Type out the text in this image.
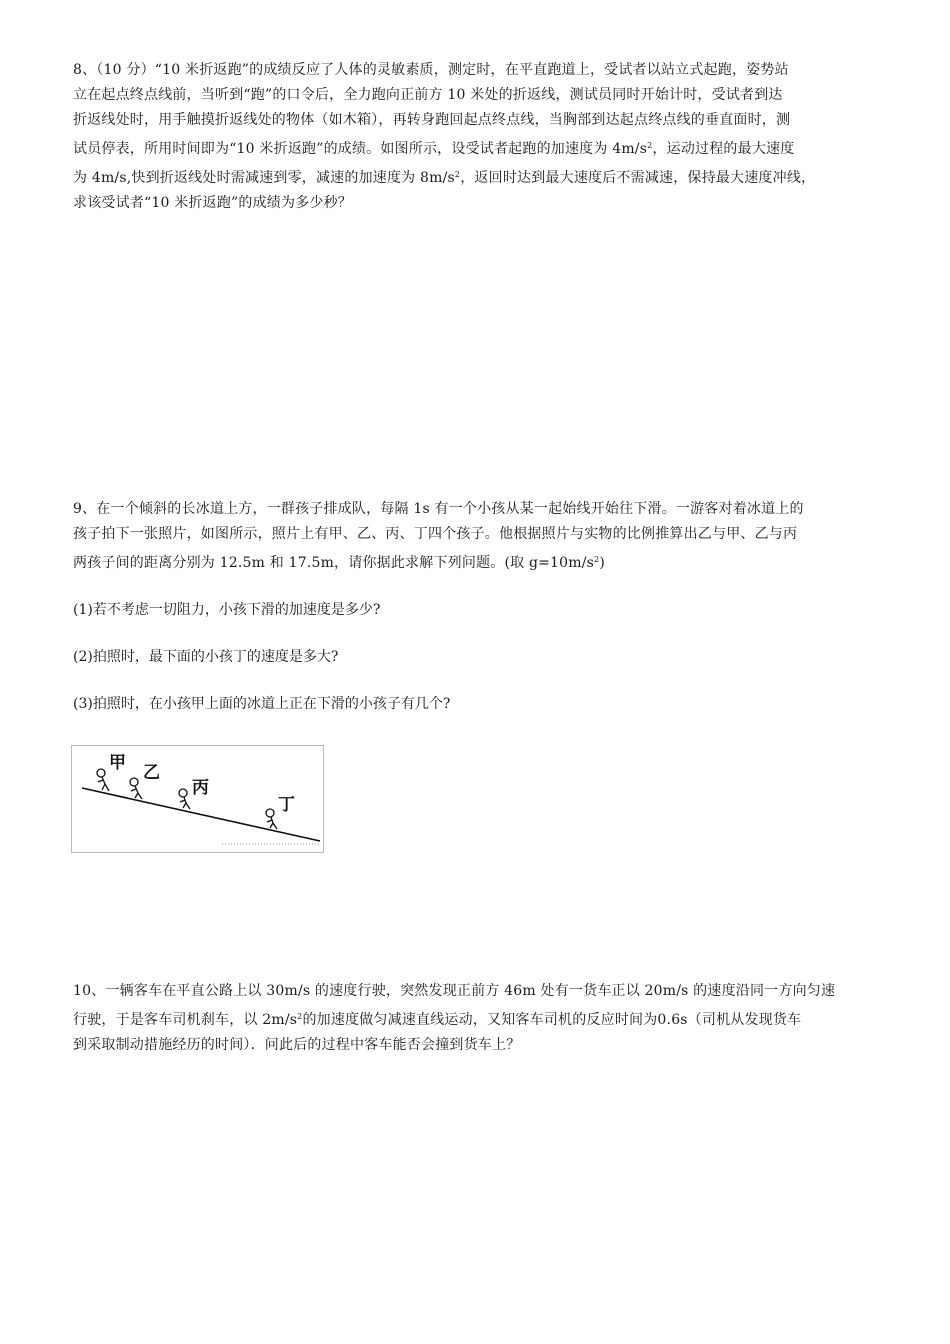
8、（10 分）“10 米折返跑”的成绩反应了人体的灵敏素质，测定时，在平直跑道上，受试者以站立式起跑，姿势站
立在起点终点线前，当听到“跑”的口令后，全力跑向正前方 10 米处的折返线，测试员同时开始计时，受试者到达
折返线处时，用手触摸折返线处的物体（如木箱），再转身跑回起点终点线，当胸部到达起点终点线的垂直面时，测
试员停表，所用时间即为“10 米折返跑”的成绩。如图所示，设受试者起跑的加速度为 $4m/s^2$，运动过程的最大速度
为 4m/s,快到折返线处时需减速到零，减速的加速度为 $8m/s^2$，返回时达到最大速度后不需减速，保持最大速度冲线，
求该受试者“10 米折返跑”的成绩为多少秒？
9、在一个倾斜的长冰道上方，一群孩子排成队，每隔 1s 有一个小孩从某一起始线开始往下滑。一游客对着冰道上的
孩子拍下一张照片，如图所示，照片上有甲、乙、丙、丁四个孩子。他根据照片与实物的比例推算出乙与甲、乙与丙
两孩子间的距离分别为 12.5m 和 17.5m，请你据此求解下列问题。(取 $g=10m/s^2$)
(1)若不考虑一切阻力，小孩下滑的加速度是多少?
(2)拍照时，最下面的小孩丁的速度是多大?
(3)拍照时，在小孩甲上面的冰道上正在下滑的小孩子有几个?
甲 乙
丙
丁
10、一辆客车在平直公路上以 30m/s 的速度行驶，突然发现正前方 46m 处有一货车正以 20m/s 的速度沿同一方向匀速
行驶，于是客车司机刹车，以 $2m/s^2$的加速度做匀减速直线运动，又知客车司机的反应时间为0.6s（司机从发现货车
到采取制动措施经历的时间）．问此后的过程中客车能否会撞到货车上？
